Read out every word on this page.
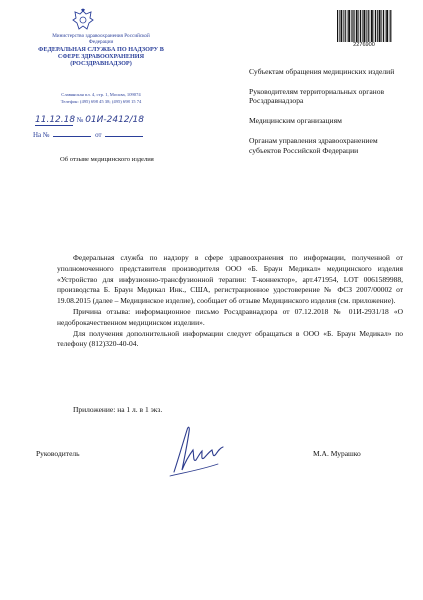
Министерство здравоохранения Российской Федерации
ФЕДЕРАЛЬНАЯ СЛУЖБА ПО НАДЗОРУ В СФЕРЕ ЗДРАВООХРАНЕНИЯ (РОСЗДРАВНАДЗОР)
Славянская пл. 4, стр. 1, Москва, 109074
Телефон: (495) 698 45 38; (495) 698 15 74
11.12.18 № 01И-2412/18
На №	от
Об отзыве медицинского изделия
2276900

Субъектам обращения медицинских изделий

Руководителям территориальных органов Росздравнадзора

Медицинским организациям

Органам управления здравоохранением субъектов Российской Федерации

Федеральная служба по надзору в сфере здравоохранения по информации, полученной от уполномоченного представителя производителя ООО «Б. Браун Медикал» медицинского изделия «Устройство для инфузионно-трансфузионной терапии: Т-коннектор», арт.471954, LOT 0061589988, производства Б. Браун Медикал Инк., США, регистрационное удостоверение № ФСЗ 2007/00002 от 19.08.2015 (далее – Медицинское изделие), сообщает об отзыве Медицинского изделия (см. приложение).

Причина отзыва: информационное письмо Росздравнадзора от 07.12.2018 № 01И-2931/18 «О недоброкачественном медицинском изделии».

Для получения дополнительной информации следует обращаться в ООО «Б. Браун Медикал» по телефону (812)320-40-04.

Приложение: на 1 л. в 1 экз.
Руководитель	М.А. Мурашко
